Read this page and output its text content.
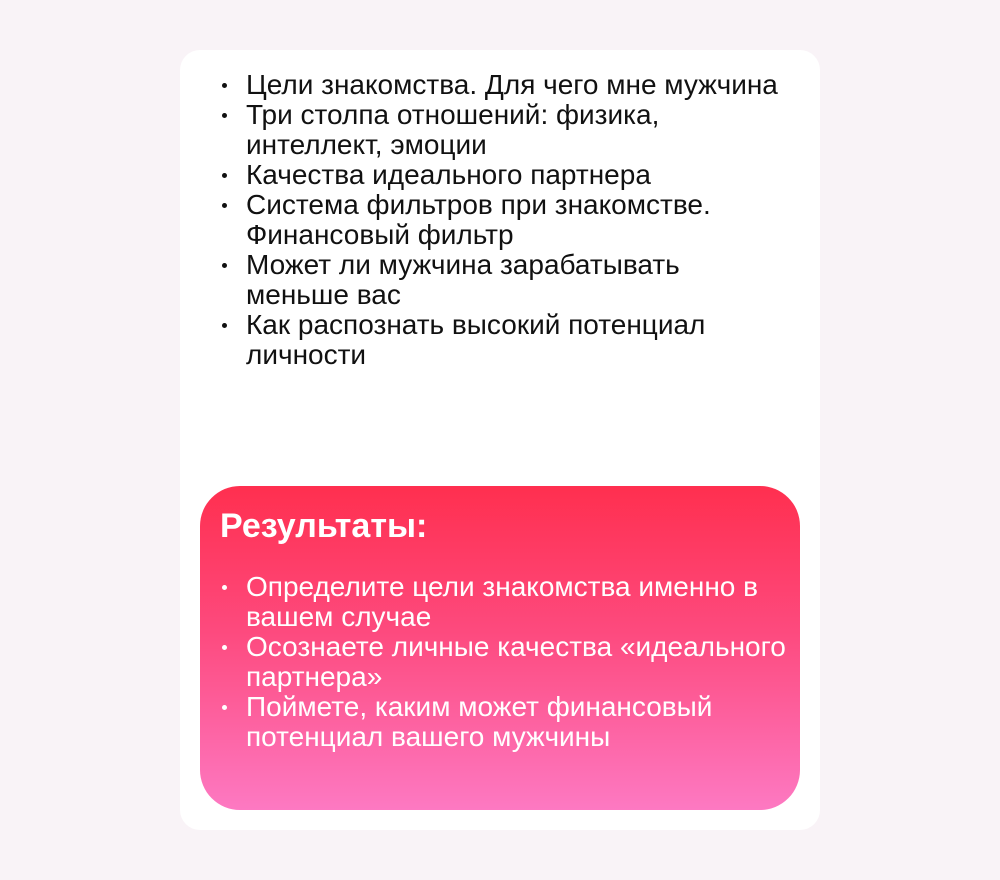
Цели знакомства. Для чего мне мужчина
Три столпа отношений: физика, интеллект, эмоции
Качества идеального партнера
Система фильтров при знакомстве. Финансовый фильтр
Может ли мужчина зарабатывать меньше вас
Как распознать высокий потенциал личности
Результаты:
Определите цели знакомства именно в вашем случае
Осознаете личные качества «идеального партнера»
Поймете, каким может финансовый потенциал вашего мужчины
